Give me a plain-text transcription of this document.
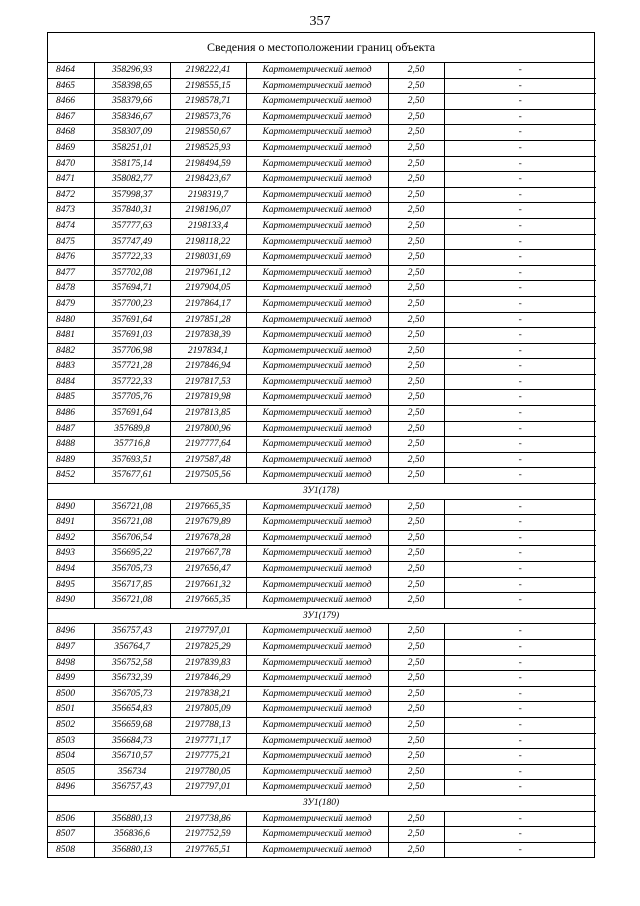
357
Сведения о местоположении границ объекта
8464	358296,93	2198222,41	Картометрический метод	2,50	-
8465	358398,65	2198555,15	Картометрический метод	2,50	-
8466	358379,66	2198578,71	Картометрический метод	2,50	-
8467	358346,67	2198573,76	Картометрический метод	2,50	-
8468	358307,09	2198550,67	Картометрический метод	2,50	-
8469	358251,01	2198525,93	Картометрический метод	2,50	-
8470	358175,14	2198494,59	Картометрический метод	2,50	-
8471	358082,77	2198423,67	Картометрический метод	2,50	-
8472	357998,37	2198319,7	Картометрический метод	2,50	-
8473	357840,31	2198196,07	Картометрический метод	2,50	-
8474	357777,63	2198133,4	Картометрический метод	2,50	-
8475	357747,49	2198118,22	Картометрический метод	2,50	-
8476	357722,33	2198031,69	Картометрический метод	2,50	-
8477	357702,08	2197961,12	Картометрический метод	2,50	-
8478	357694,71	2197904,05	Картометрический метод	2,50	-
8479	357700,23	2197864,17	Картометрический метод	2,50	-
8480	357691,64	2197851,28	Картометрический метод	2,50	-
8481	357691,03	2197838,39	Картометрический метод	2,50	-
8482	357706,98	2197834,1	Картометрический метод	2,50	-
8483	357721,28	2197846,94	Картометрический метод	2,50	-
8484	357722,33	2197817,53	Картометрический метод	2,50	-
8485	357705,76	2197819,98	Картометрический метод	2,50	-
8486	357691,64	2197813,85	Картометрический метод	2,50	-
8487	357689,8	2197800,96	Картометрический метод	2,50	-
8488	357716,8	2197777,64	Картометрический метод	2,50	-
8489	357693,51	2197587,48	Картометрический метод	2,50	-
8452	357677,61	2197505,56	Картометрический метод	2,50	-
ЗУ1(178)					
8490	356721,08	2197665,35	Картометрический метод	2,50	-
8491	356721,08	2197679,89	Картометрический метод	2,50	-
8492	356706,54	2197678,28	Картометрический метод	2,50	-
8493	356695,22	2197667,78	Картометрический метод	2,50	-
8494	356705,73	2197656,47	Картометрический метод	2,50	-
8495	356717,85	2197661,32	Картометрический метод	2,50	-
8490	356721,08	2197665,35	Картометрический метод	2,50	-
ЗУ1(179)					
8496	356757,43	2197797,01	Картометрический метод	2,50	-
8497	356764,7	2197825,29	Картометрический метод	2,50	-
8498	356752,58	2197839,83	Картометрический метод	2,50	-
8499	356732,39	2197846,29	Картометрический метод	2,50	-
8500	356705,73	2197838,21	Картометрический метод	2,50	-
8501	356654,83	2197805,09	Картометрический метод	2,50	-
8502	356659,68	2197788,13	Картометрический метод	2,50	-
8503	356684,73	2197771,17	Картометрический метод	2,50	-
8504	356710,57	2197775,21	Картометрический метод	2,50	-
8505	356734	2197780,05	Картометрический метод	2,50	-
8496	356757,43	2197797,01	Картометрический метод	2,50	-
ЗУ1(180)					
8506	356880,13	2197738,86	Картометрический метод	2,50	-
8507	356836,6	2197752,59	Картометрический метод	2,50	-
8508	356880,13	2197765,51	Картометрический метод	2,50	-
